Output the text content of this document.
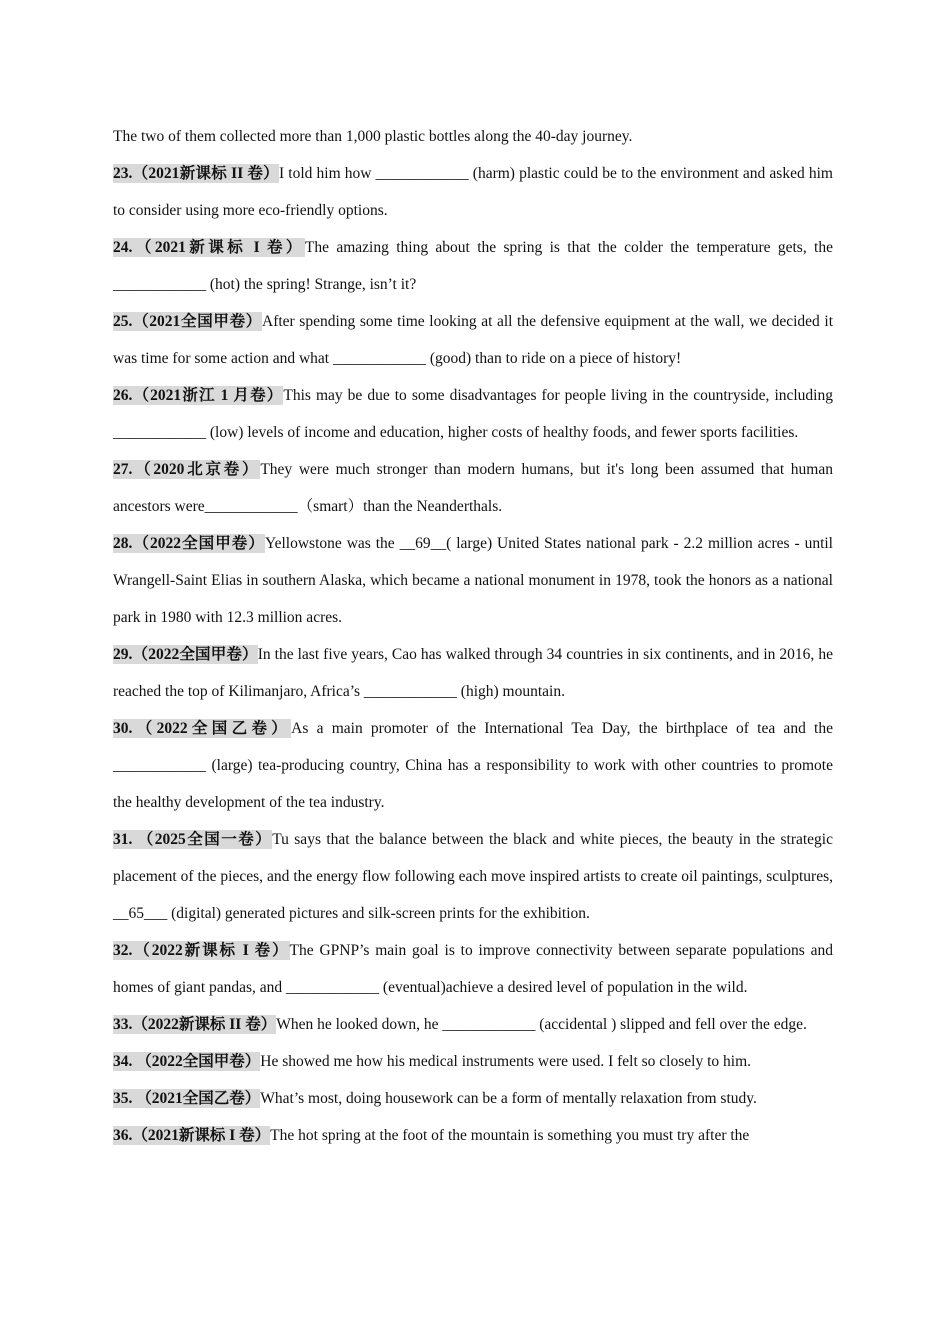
The two of them collected more than 1,000 plastic bottles along the 40-day journey.
23.（2021新课标 II 卷）I told him how ____________ (harm) plastic could be to the environment and asked him to consider using more eco-friendly options.
24.（2021新课标 I 卷）The amazing thing about the spring is that the colder the temperature gets, the ____________ (hot) the spring! Strange, isn’t it?
25.（2021全国甲卷）After spending some time looking at all the defensive equipment at the wall, we decided it was time for some action and what ____________ (good) than to ride on a piece of history!
26.（2021浙江 1 月卷）This may be due to some disadvantages for people living in the countryside, including ____________ (low) levels of income and education, higher costs of healthy foods, and fewer sports facilities.
27.（2020北京卷）They were much stronger than modern humans, but it's long been assumed that human ancestors were____________（smart）than the Neanderthals.
28.（2022全国甲卷）Yellowstone was the __69__( large) United States national park - 2.2 million acres - until Wrangell-Saint Elias in southern Alaska, which became a national monument in 1978, took the honors as a national park in 1980 with 12.3 million acres.
29.（2022全国甲卷）In the last five years, Cao has walked through 34 countries in six continents, and in 2016, he reached the top of Kilimanjaro, Africa’s ____________ (high) mountain.
30.（2022全国乙卷）As a main promoter of the International Tea Day, the birthplace of tea and the ____________ (large) tea-producing country, China has a responsibility to work with other countries to promote the healthy development of the tea industry.
31. （2025全国一卷）Tu says that the balance between the black and white pieces, the beauty in the strategic placement of the pieces, and the energy flow following each move inspired artists to create oil paintings, sculptures, __65___ (digital) generated pictures and silk-screen prints for the exhibition.
32.（2022新课标 I 卷）The GPNP’s main goal is to improve connectivity between separate populations and homes of giant pandas, and ____________ (eventual)achieve a desired level of population in the wild.
33.（2022新课标 II 卷）When he looked down, he ____________ (accidental ) slipped and fell over the edge.
34. （2022全国甲卷）He showed me how his medical instruments were used. I felt so closely to him.
35. （2021全国乙卷）What’s most, doing housework can be a form of mentally relaxation from study.
36.（2021新课标 I 卷）The hot spring at the foot of the mountain is something you must try after the
